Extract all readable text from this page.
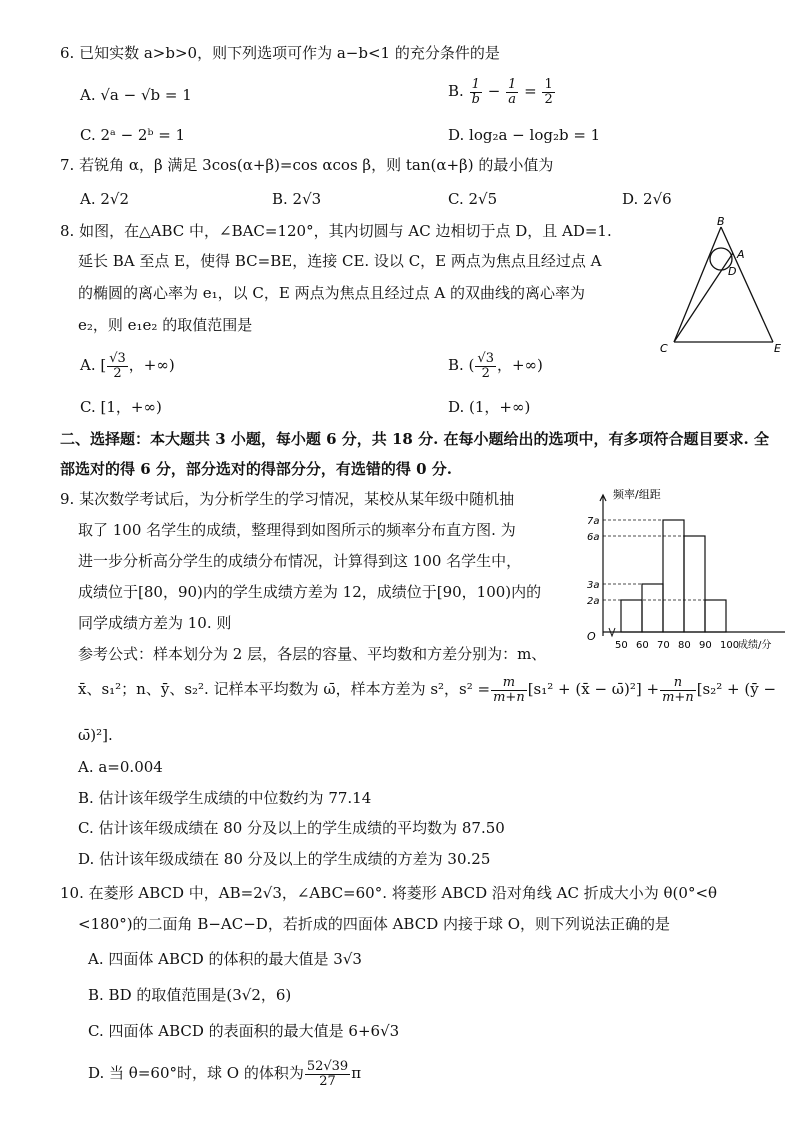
6. 已知实数 a>b>0，则下列选项可作为 a−b<1 的充分条件的是
A. √a − √b = 1	B. $\frac{1}{b} - \frac{1}{a} = \frac{1}{2}$
C. 2ᵃ − 2ᵇ = 1	D. log₂a − log₂b = 1
7. 若锐角 α，β 满足 3cos(α+β)=cos αcos β，则 tan(α+β) 的最小值为
A. 2√2	B. 2√3	C. 2√5	D. 2√6
8. 如图，在△ABC 中，∠BAC=120°，其内切圆与 AC 边相切于点 D，且 AD=1.
延长 BA 至点 E，使得 BC=BE，连接 CE. 设以 C，E 两点为焦点且经过点 A
的椭圆的离心率为 e₁，以 C，E 两点为焦点且经过点 A 的双曲线的离心率为
e₂，则 e₁e₂ 的取值范围是
A. [ $\frac{√3}{2}$ ，+∞)	B. ( $\frac{√3}{2}$ ，+∞)
C. [1，+∞)	D. (1，+∞)
B
A
D
C	E
二、选择题：本大题共 3 小题，每小题 6 分，共 18 分. 在每小题给出的选项中，有多项符合题目要求. 全
部选对的得 6 分，部分选对的得部分分，有选错的得 0 分.
9. 某次数学考试后，为分析学生的学习情况，某校从某年级中随机抽
取了 100 名学生的成绩，整理得到如图所示的频率分布直方图. 为
进一步分析高分学生的成绩分布情况，计算得到这 100 名学生中，
成绩位于[80，90)内的学生成绩方差为 12，成绩位于[90，100)内的
同学成绩方差为 10. 则
参考公式：样本划分为 2 层，各层的容量、平均数和方差分别为：m、
x̄、s₁²；n、ȳ、s₂². 记样本平均数为 ω̄，样本方差为 s²，$s^2 = \frac{m}{m+n} [s_1^2$ + (x̄ − ω̄)²] + $\frac{n}{m+n} [s_2^2$ + (ȳ −
ω̄)²].
A. a=0.004
B. 估计该年级学生成绩的中位数约为 77.14
C. 估计该年级成绩在 80 分及以上的学生成绩的平均数为 87.50
D. 估计该年级成绩在 80 分及以上的学生成绩的方差为 30.25
频率/组距
O
2a
3a
6a
7a
50 60 70 80 90 100
成绩/分
10. 在菱形 ABCD 中，AB=2√3，∠ABC=60°. 将菱形 ABCD 沿对角线 AC 折成大小为 θ(0°<θ
<180°)的二面角 B−AC−D，若折成的四面体 ABCD 内接于球 O，则下列说法正确的是
A. 四面体 ABCD 的体积的最大值是 3√3
B. BD 的取值范围是(3√2，6)
C. 四面体 ABCD 的表面积的最大值是 6+6√3
D. 当 θ=60°时，球 O 的体积为 $\frac{52√39}{27}$ π
